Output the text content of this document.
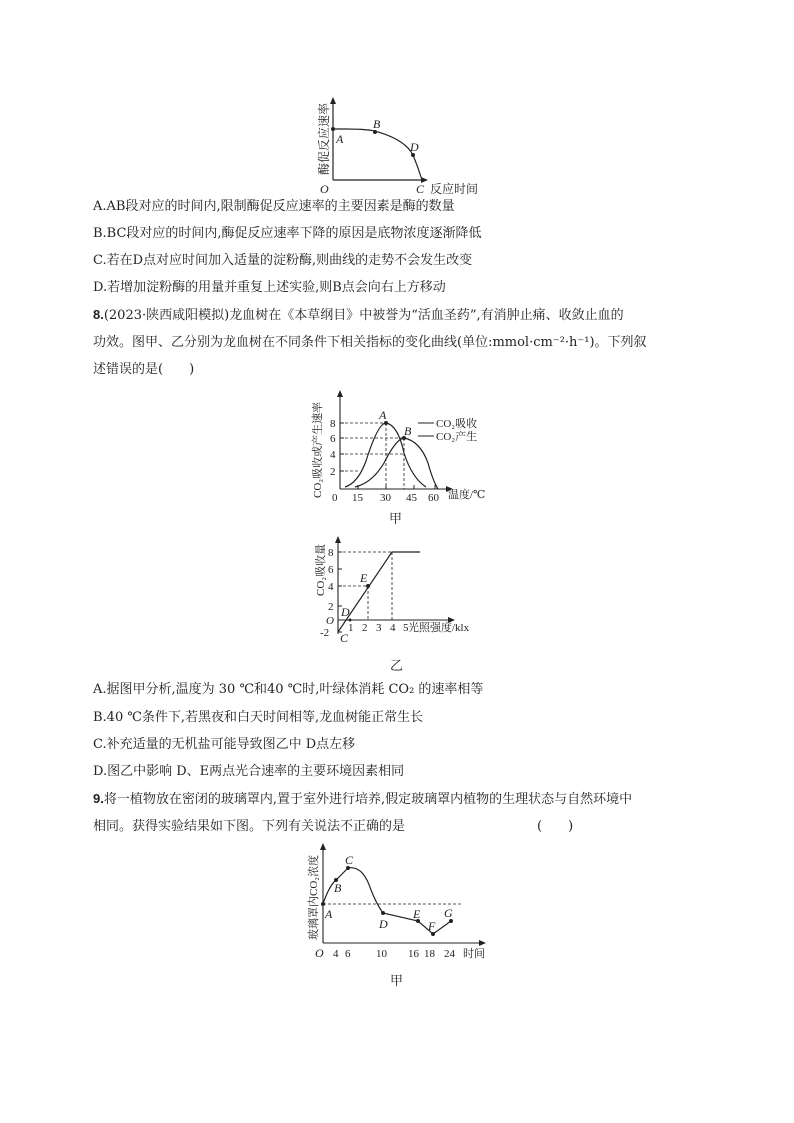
A
B
D
C
O	反应时间
酶促反应速率
A.AB段对应的时间内,限制酶促反应速率的主要因素是酶的数量
B.BC段对应的时间内,酶促反应速率下降的原因是底物浓度逐渐降低
C.若在D点对应时间加入适量的淀粉酶,则曲线的走势不会发生改变
D.若增加淀粉酶的用量并重复上述实验,则B点会向右上方移动
8.(2023·陕西咸阳模拟)龙血树在《本草纲目》中被誉为“活血圣药”,有消肿止痛、收敛止血的
功效。图甲、乙分别为龙血树在不同条件下相关指标的变化曲线(单位:mmol·cm⁻²·h⁻¹)。下列叙
述错误的是(　　)
2
4
6
8
15 30 45 60
0
A
B CO₂吸收
CO₂产生
温度/℃
CO₂吸收或产生速率
甲
-2
2
4
6
8
O
1 2 3 4 5
E
D
C
光照强度/klx
CO₂吸收量
乙
A.据图甲分析,温度为 30 ℃和40 ℃时,叶绿体消耗 CO₂ 的速率相等
B.40 ℃条件下,若黑夜和白天时间相等,龙血树能正常生长
C.补充适量的无机盐可能导致图乙中 D点左移
D.图乙中影响 D、E两点光合速率的主要环境因素相同
9.将一植物放在密闭的玻璃罩内,置于室外进行培养,假定玻璃罩内植物的生理状态与自然环境中
相同。获得实验结果如下图。下列有关说法不正确的是	(　　)
A
B
C
D
E
F
G
O 4 6 10 16 18 24 时间
玻璃罩内CO₂浓度
甲
